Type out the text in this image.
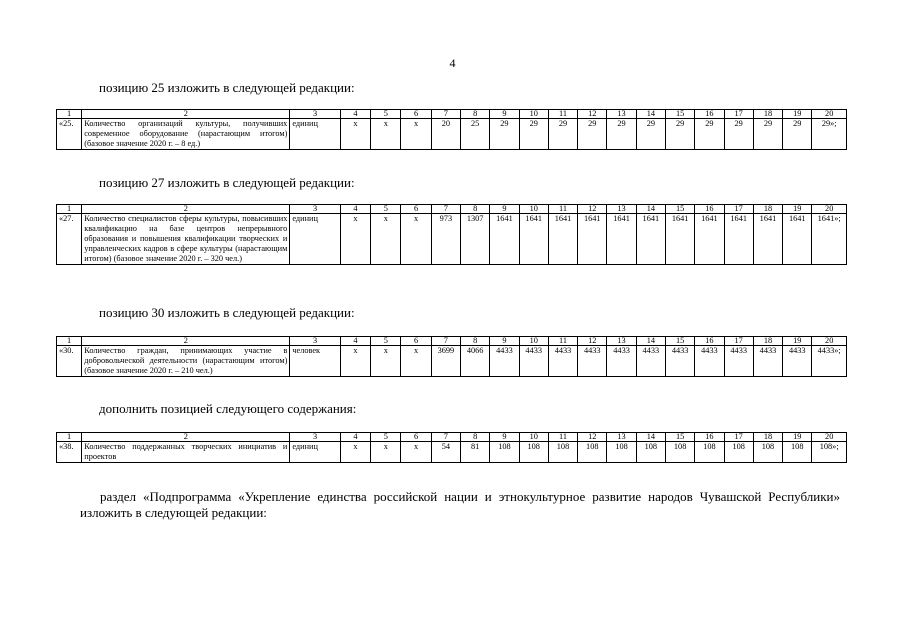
4
позицию 25 изложить в следующей редакции:
1	2	3	4	5	6	7	8	9	10	11	12	13	14	15	16	17	18	19	20
«25.	Количество организаций культуры, получивших современное оборудование (нарастающим итогом) (базовое значение 2020 г. – 8 ед.)	единиц	x	x	x	20	25	29	29	29	29	29	29	29	29	29	29	29	29»;
позицию 27 изложить в следующей редакции:
1	2	3	4	5	6	7	8	9	10	11	12	13	14	15	16	17	18	19	20
«27.	Количество специалистов сферы культуры, повысивших квалификацию на базе центров непрерывного образования и повышения квалификации творческих и управленческих кадров в сфере культуры (нарастающим итогом) (базовое значение 2020 г. – 320 чел.)	единиц	x	x	x	973	1307	1641	1641	1641	1641	1641	1641	1641	1641	1641	1641	1641	1641»;
позицию 30 изложить в следующей редакции:
1	2	3	4	5	6	7	8	9	10	11	12	13	14	15	16	17	18	19	20
«30.	Количество граждан, принимающих участие в добровольческой деятельности (нарастающим итогом) (базовое значение 2020 г. – 210 чел.)	человек	x	x	x	3699	4066	4433	4433	4433	4433	4433	4433	4433	4433	4433	4433	4433	4433»;
дополнить позицией следующего содержания:
1	2	3	4	5	6	7	8	9	10	11	12	13	14	15	16	17	18	19	20
«38.	Количество поддержанных творческих инициатив и проектов	единиц	x	x	x	54	81	108	108	108	108	108	108	108	108	108	108	108	108»;
раздел «Подпрограмма «Укрепление единства российской нации и этнокультурное развитие народов Чувашской Республики» изложить в следующей редакции:
